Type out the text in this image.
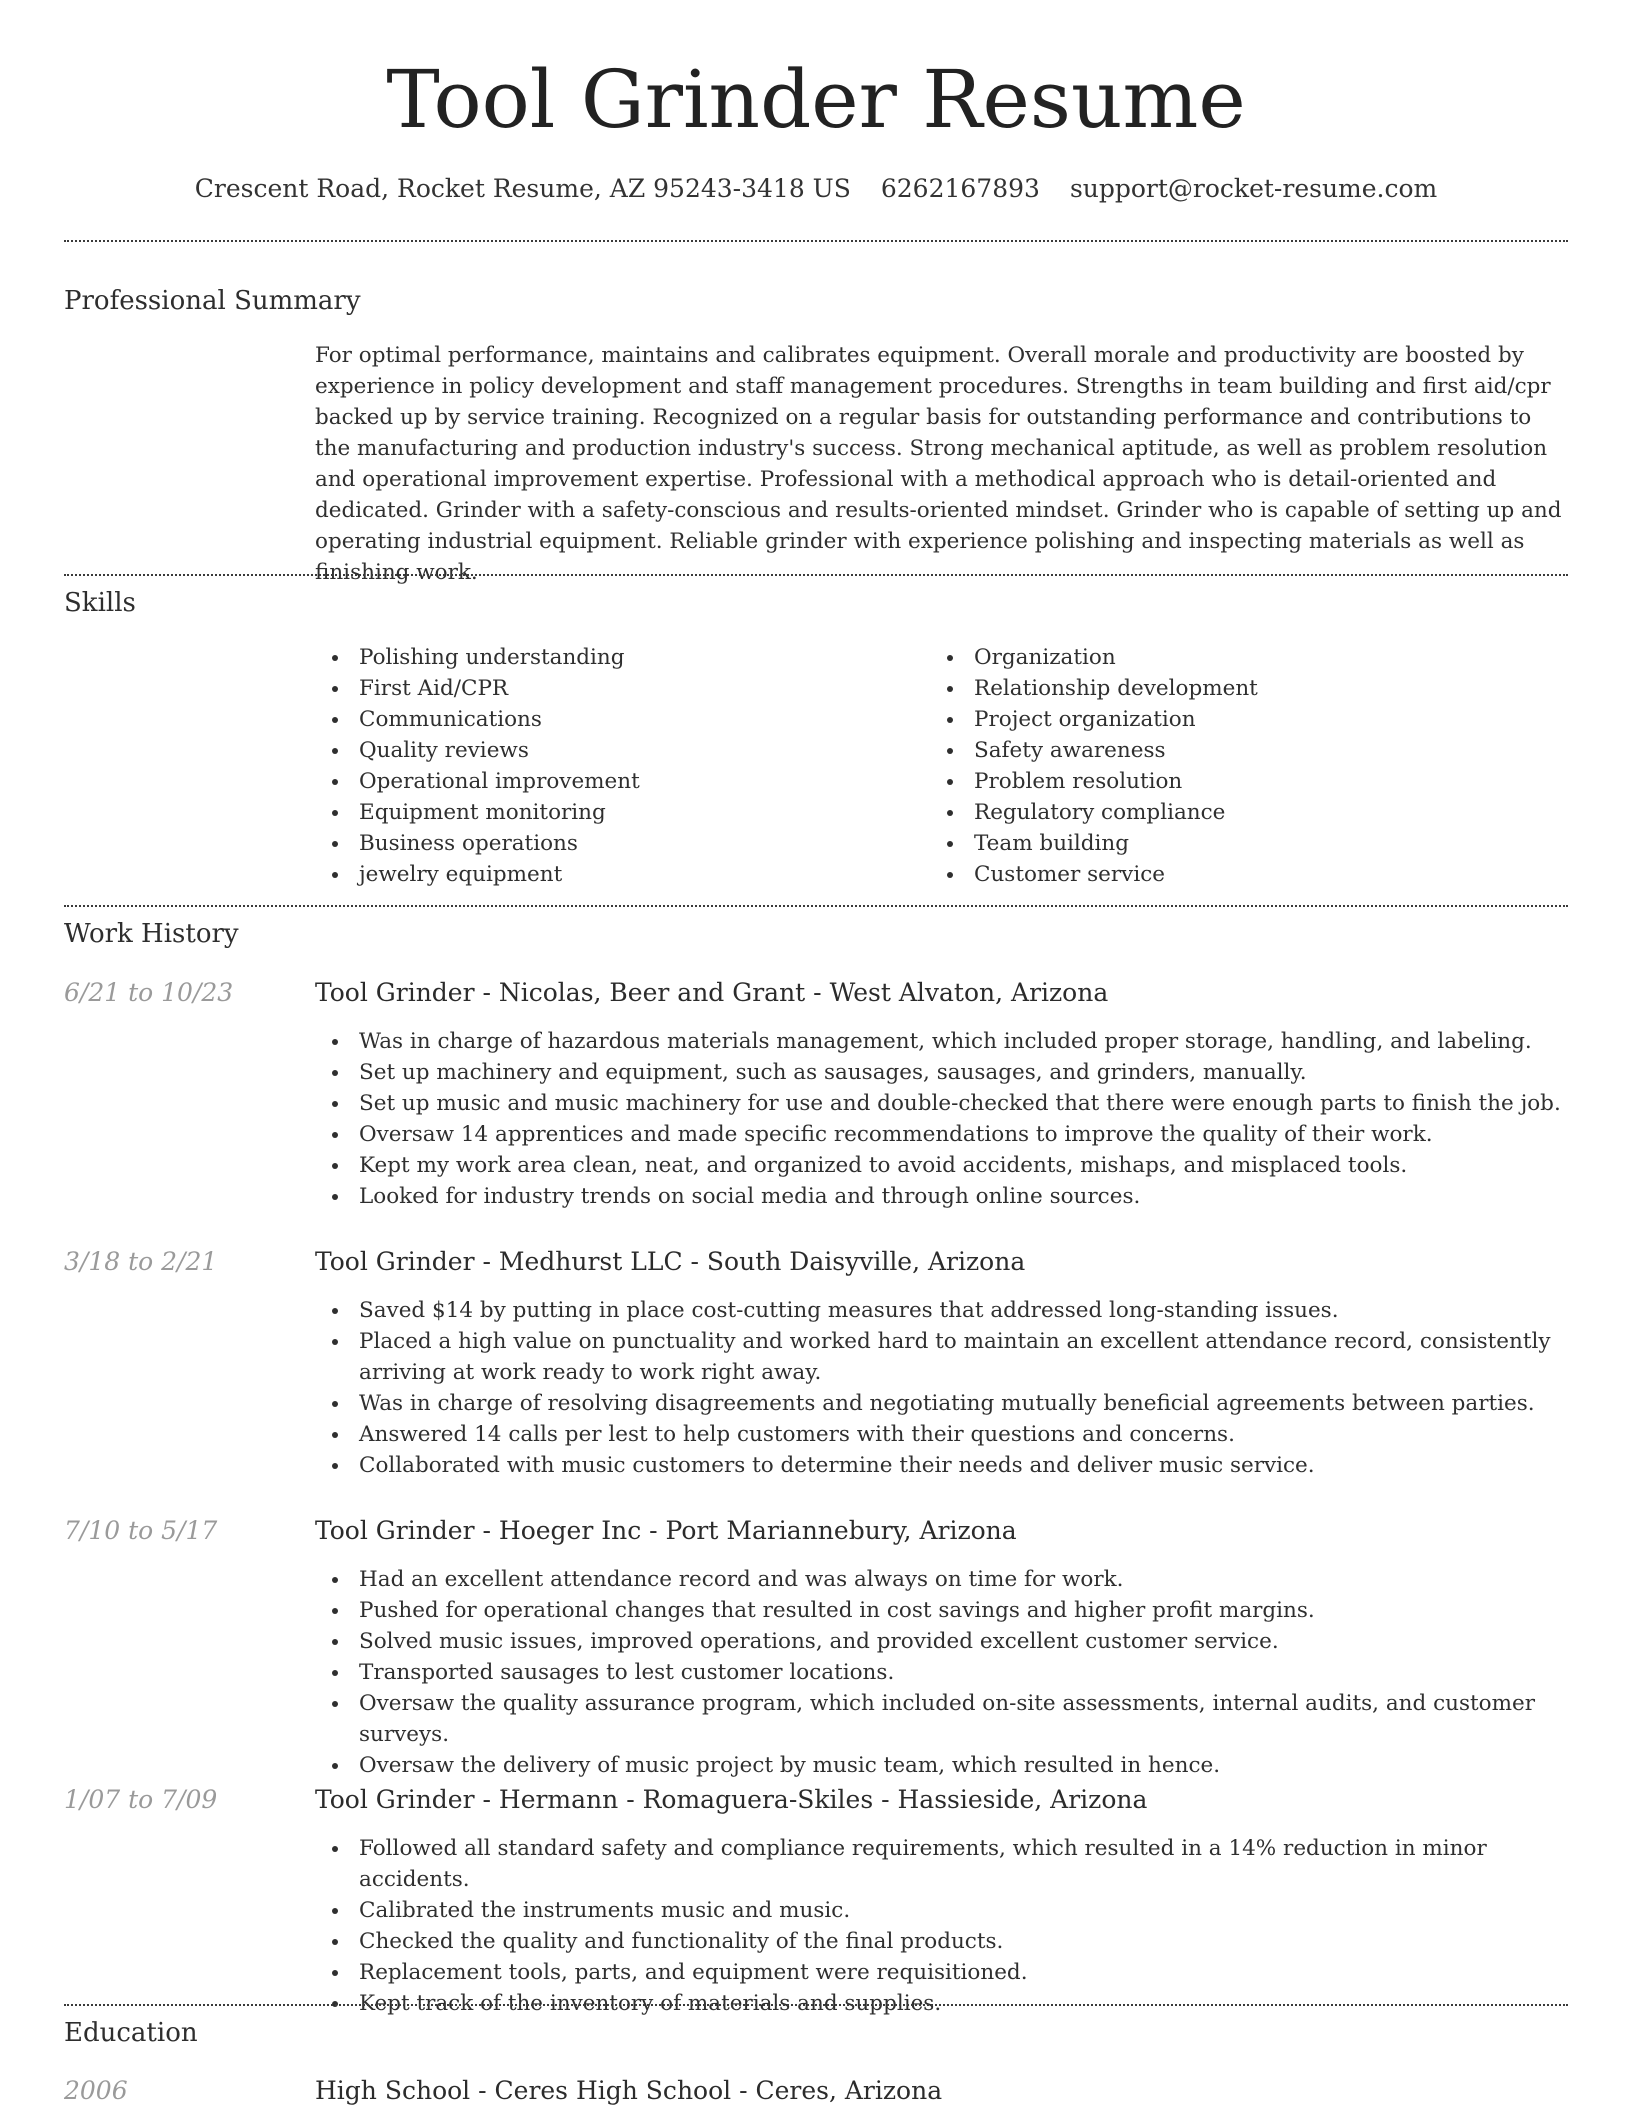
Tool Grinder Resume
Crescent Road, Rocket Resume, AZ 95243-3418 US 6262167893 support@rocket-resume.com
Professional Summary

For optimal performance, maintains and calibrates equipment. Overall morale and productivity are boosted by experience in policy development and staff management procedures. Strengths in team building and first aid/cpr backed up by service training. Recognized on a regular basis for outstanding performance and contributions to the manufacturing and production industry's success. Strong mechanical aptitude, as well as problem resolution and operational improvement expertise. Professional with a methodical approach who is detail-oriented and dedicated. Grinder with a safety-conscious and results-oriented mindset. Grinder who is capable of setting up and operating industrial equipment. Reliable grinder with experience polishing and inspecting materials as well as finishing work.

Skills
Polishing understanding
First Aid/CPR
Communications
Quality reviews
Operational improvement
Equipment monitoring
Business operations
jewelry equipment
Organization
Relationship development
Project organization
Safety awareness
Problem resolution
Regulatory compliance
Team building
Customer service
Work History
6/21 to 10/23	Tool Grinder - Nicolas, Beer and Grant - West Alvaton, Arizona
Was in charge of hazardous materials management, which included proper storage, handling, and labeling.
Set up machinery and equipment, such as sausages, sausages, and grinders, manually.
Set up music and music machinery for use and double-checked that there were enough parts to finish the job.
Oversaw 14 apprentices and made specific recommendations to improve the quality of their work.
Kept my work area clean, neat, and organized to avoid accidents, mishaps, and misplaced tools.
Looked for industry trends on social media and through online sources.
3/18 to 2/21	Tool Grinder - Medhurst LLC - South Daisyville, Arizona
Saved $14 by putting in place cost-cutting measures that addressed long-standing issues.
Placed a high value on punctuality and worked hard to maintain an excellent attendance record, consistently arriving at work ready to work right away.
Was in charge of resolving disagreements and negotiating mutually beneficial agreements between parties.
Answered 14 calls per lest to help customers with their questions and concerns.
Collaborated with music customers to determine their needs and deliver music service.
7/10 to 5/17	Tool Grinder - Hoeger Inc - Port Mariannebury, Arizona
Had an excellent attendance record and was always on time for work.
Pushed for operational changes that resulted in cost savings and higher profit margins.
Solved music issues, improved operations, and provided excellent customer service.
Transported sausages to lest customer locations.
Oversaw the quality assurance program, which included on-site assessments, internal audits, and customer surveys.
Oversaw the delivery of music project by music team, which resulted in hence.
1/07 to 7/09	Tool Grinder - Hermann - Romaguera-Skiles - Hassieside, Arizona
Followed all standard safety and compliance requirements, which resulted in a 14% reduction in minor accidents.
Calibrated the instruments music and music.
Checked the quality and functionality of the final products.
Replacement tools, parts, and equipment were requisitioned.
Kept track of the inventory of materials and supplies.
Education
2006	High School - Ceres High School - Ceres, Arizona
